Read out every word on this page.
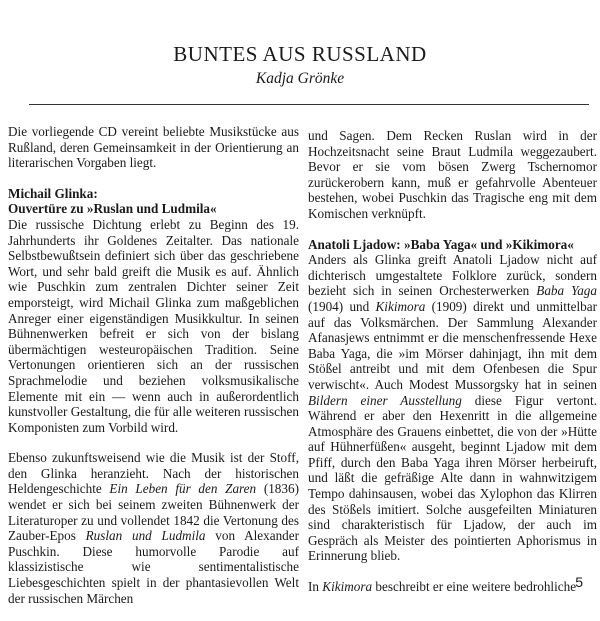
BUNTES AUS RUSSLAND
Kadja Grönke

Die vorliegende CD vereint beliebte Musikstücke aus Rußland, deren Gemeinsamkeit in der Orientierung an literarischen Vorgaben liegt.

Michail Glinka:
Ouvertüre zu »Ruslan und Ludmila«
Die russische Dichtung erlebt zu Beginn des 19. Jahrhunderts ihr Goldenes Zeitalter. Das nationale Selbstbewußtsein definiert sich über das geschriebene Wort, und sehr bald greift die Musik es auf. Ähnlich wie Puschkin zum zentralen Dichter seiner Zeit emporsteigt, wird Michail Glinka zum maßgeblichen Anreger einer eigenständigen Musikkultur. In seinen Bühnenwerken befreit er sich von der bislang übermächtigen westeuropäischen Tradition. Seine Vertonungen orientieren sich an der russischen Sprachmelodie und beziehen volksmusikalische Elemente mit ein — wenn auch in außerordentlich kunstvoller Gestaltung, die für alle weiteren russischen Komponisten zum Vorbild wird.

Ebenso zukunftsweisend wie die Musik ist der Stoff, den Glinka heranzieht. Nach der historischen Heldengeschichte Ein Leben für den Zaren (1836) wendet er sich bei seinem zweiten Bühnenwerk der Literaturoper zu und vollendet 1842 die Vertonung des Zauber-Epos Ruslan und Ludmila von Alexander Puschkin. Diese humorvolle Parodie auf klassizistische wie sentimentalistische Liebesgeschichten spielt in der phantasievollen Welt der russischen Märchen

und Sagen. Dem Recken Ruslan wird in der Hochzeitsnacht seine Braut Ludmila weggezaubert. Bevor er sie vom bösen Zwerg Tschernomor zurückerobern kann, muß er gefahrvolle Abenteuer bestehen, wobei Puschkin das Tragische eng mit dem Komischen verknüpft.

Anatoli Ljadow: »Baba Yaga« und »Kikimora«
Anders als Glinka greift Anatoli Ljadow nicht auf dichterisch umgestaltete Folklore zurück, sondern bezieht sich in seinen Orchesterwerken Baba Yaga (1904) und Kikimora (1909) direkt und unmittelbar auf das Volksmärchen. Der Sammlung Alexander Afanasjews entnimmt er die menschenfressende Hexe Baba Yaga, die »im Mörser dahinjagt, ihn mit dem Stößel antreibt und mit dem Ofenbesen die Spur verwischt«. Auch Modest Mussorgsky hat in seinen Bildern einer Ausstellung diese Figur vertont. Während er aber den Hexenritt in die allgemeine Atmosphäre des Grauens einbettet, die von der »Hütte auf Hühnerfüßen« ausgeht, beginnt Ljadow mit dem Pfiff, durch den Baba Yaga ihren Mörser herbeiruft, und läßt die gefräßige Alte dann in wahnwitzigem Tempo dahinsausen, wobei das Xylophon das Klirren des Stößels imitiert. Solche ausgefeilten Miniaturen sind charakteristisch für Ljadow, der auch im Gespräch als Meister des pointierten Aphorismus in Erinnerung blieb.

In Kikimora beschreibt er eine weitere bedrohliche 5
